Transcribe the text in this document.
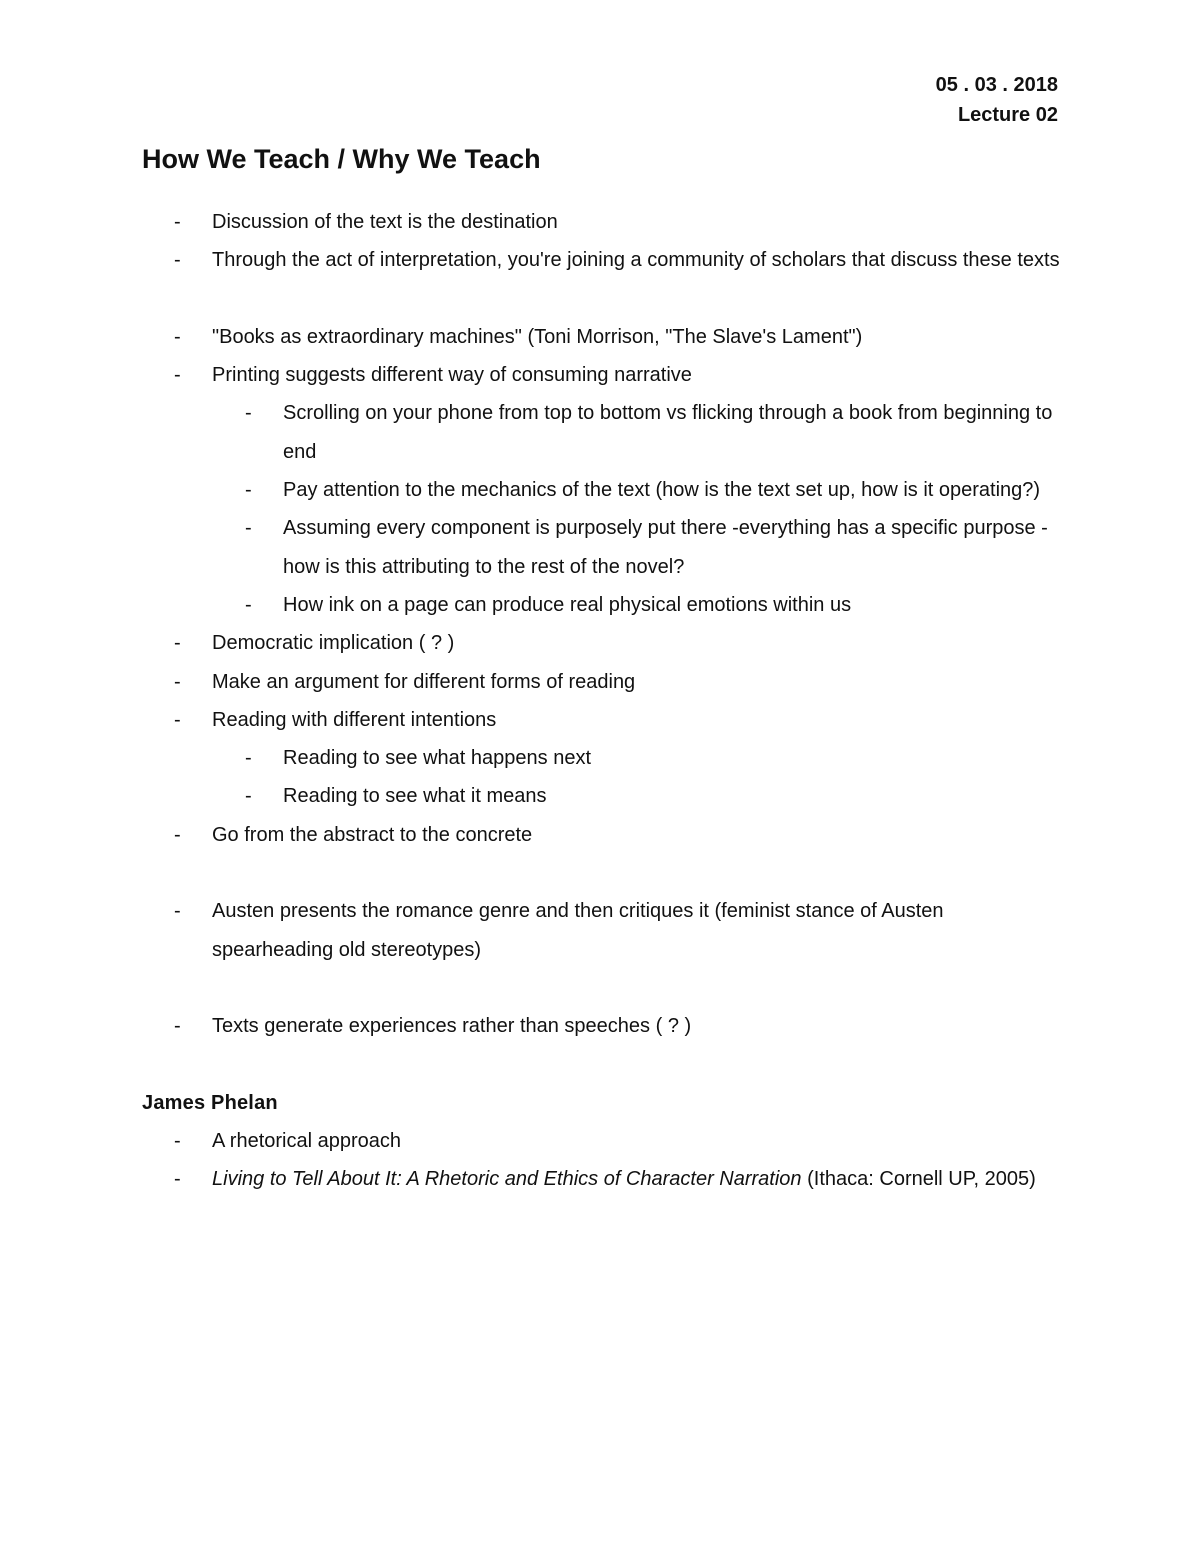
05 . 03 . 2018
Lecture 02
How We Teach / Why We Teach
- Discussion of the text is the destination
- Through the act of interpretation, you're joining a community of scholars that discuss these texts
- "Books as extraordinary machines" (Toni Morrison, "The Slave's Lament")
- Printing suggests different way of consuming narrative
- Scrolling on your phone from top to bottom vs flicking through a book from beginning to end
- Pay attention to the mechanics of the text (how is the text set up, how is it operating?)
- Assuming every component is purposely put there -everything has a specific purpose -how is this attributing to the rest of the novel?
- How ink on a page can produce real physical emotions within us
- Democratic implication ( ? )
- Make an argument for different forms of reading
- Reading with different intentions
- Reading to see what happens next
- Reading to see what it means
- Go from the abstract to the concrete
- Austen presents the romance genre and then critiques it (feminist stance of Austen spearheading old stereotypes)
- Texts generate experiences rather than speeches ( ? )
James Phelan
- A rhetorical approach
- Living to Tell About It: A Rhetoric and Ethics of Character Narration (Ithaca: Cornell UP, 2005)
